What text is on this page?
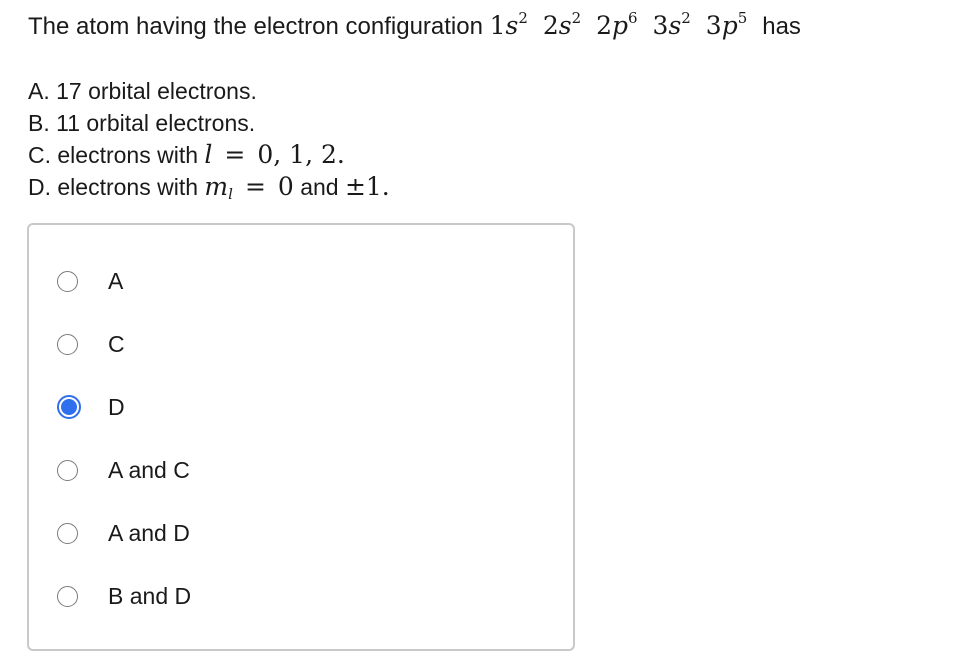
The atom having the electron configuration $1s^2$ $2s^2$ $2p^6$ $3s^2$ $3p^5$ has
A. 17 orbital electrons.
B. 11 orbital electrons.
C. electrons with l = 0, 1, 2.
D. electrons with ml = 0 and ±1.
A
C
D
A and C
A and D
B and D
